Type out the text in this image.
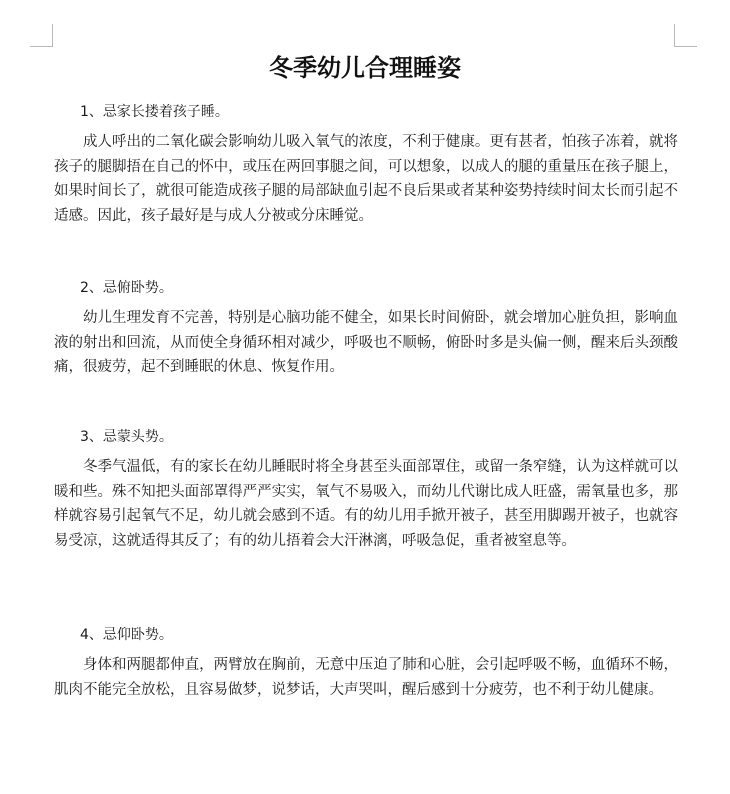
冬季幼儿合理睡姿

1、忌家长搂着孩子睡。

成人呼出的二氧化碳会影响幼儿吸入氧气的浓度，不利于健康。更有甚者，怕孩子冻着，就将孩子的腿脚捂在自己的怀中，或压在两回事腿之间，可以想象，以成人的腿的重量压在孩子腿上，如果时间长了，就很可能造成孩子腿的局部缺血引起不良后果或者某种姿势持续时间太长而引起不适感。因此，孩子最好是与成人分被或分床睡觉。

2、忌俯卧势。

幼儿生理发育不完善，特别是心脑功能不健全，如果长时间俯卧，就会增加心脏负担，影响血液的射出和回流，从而使全身循环相对减少，呼吸也不顺畅，俯卧时多是头偏一侧，醒来后头颈酸痛，很疲劳，起不到睡眠的休息、恢复作用。

3、忌蒙头势。

冬季气温低，有的家长在幼儿睡眠时将全身甚至头面部罩住，或留一条窄缝，认为这样就可以暖和些。殊不知把头面部罩得严严实实，氧气不易吸入，而幼儿代谢比成人旺盛，需氧量也多，那样就容易引起氧气不足，幼儿就会感到不适。有的幼儿用手掀开被子，甚至用脚踢开被子，也就容易受凉，这就适得其反了；有的幼儿捂着会大汗淋漓，呼吸急促，重者被窒息等。

4、忌仰卧势。

身体和两腿都伸直，两臂放在胸前，无意中压迫了肺和心脏，会引起呼吸不畅，血循环不畅，肌肉不能完全放松，且容易做梦，说梦话，大声哭叫，醒后感到十分疲劳，也不利于幼儿健康。
